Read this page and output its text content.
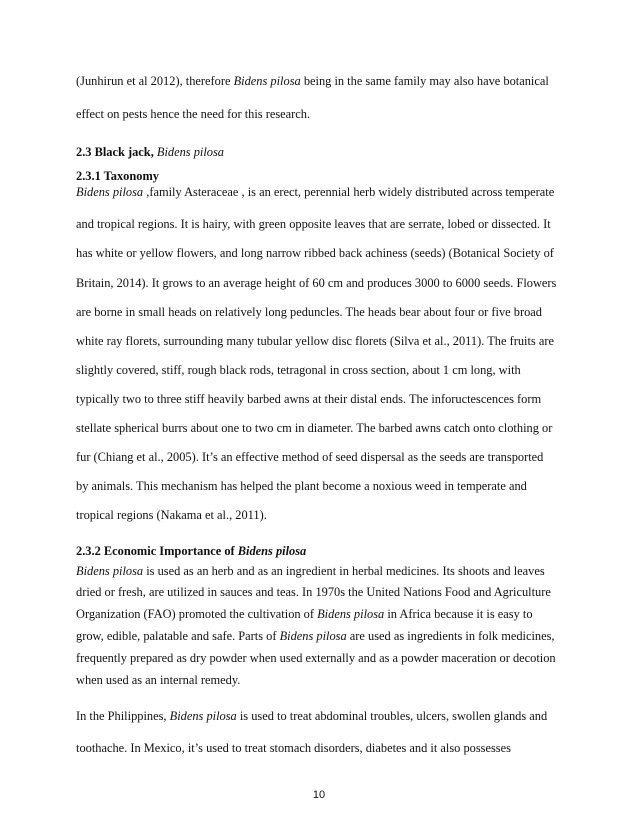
(Junhirun et al 2012), therefore Bidens pilosa being in the same family may also have botanical
effect on pests hence the need for this research.
2.3 Black jack, Bidens pilosa
2.3.1 Taxonomy
Bidens pilosa ,family Asteraceae , is an erect, perennial herb widely distributed across temperate
and tropical regions. It is hairy, with green opposite leaves that are serrate, lobed or dissected. It
has white or yellow flowers, and long narrow ribbed back achiness (seeds) (Botanical Society of
Britain, 2014). It grows to an average height of 60 cm and produces 3000 to 6000 seeds. Flowers
are borne in small heads on relatively long peduncles. The heads bear about four or five broad
white ray florets, surrounding many tubular yellow disc florets (Silva et al., 2011). The fruits are
slightly covered, stiff, rough black rods, tetragonal in cross section, about 1 cm long, with
typically two to three stiff heavily barbed awns at their distal ends. The infoructescences form
stellate spherical burrs about one to two cm in diameter. The barbed awns catch onto clothing or
fur (Chiang et al., 2005). It’s an effective method of seed dispersal as the seeds are transported
by animals. This mechanism has helped the plant become a noxious weed in temperate and
tropical regions (Nakama et al., 2011).
2.3.2 Economic Importance of Bidens pilosa
Bidens pilosa is used as an herb and as an ingredient in herbal medicines. Its shoots and leaves
dried or fresh, are utilized in sauces and teas. In 1970s the United Nations Food and Agriculture
Organization (FAO) promoted the cultivation of Bidens pilosa in Africa because it is easy to
grow, edible, palatable and safe. Parts of Bidens pilosa are used as ingredients in folk medicines,
frequently prepared as dry powder when used externally and as a powder maceration or decotion
when used as an internal remedy.
In the Philippines, Bidens pilosa is used to treat abdominal troubles, ulcers, swollen glands and
toothache. In Mexico, it’s used to treat stomach disorders, diabetes and it also possesses
10
